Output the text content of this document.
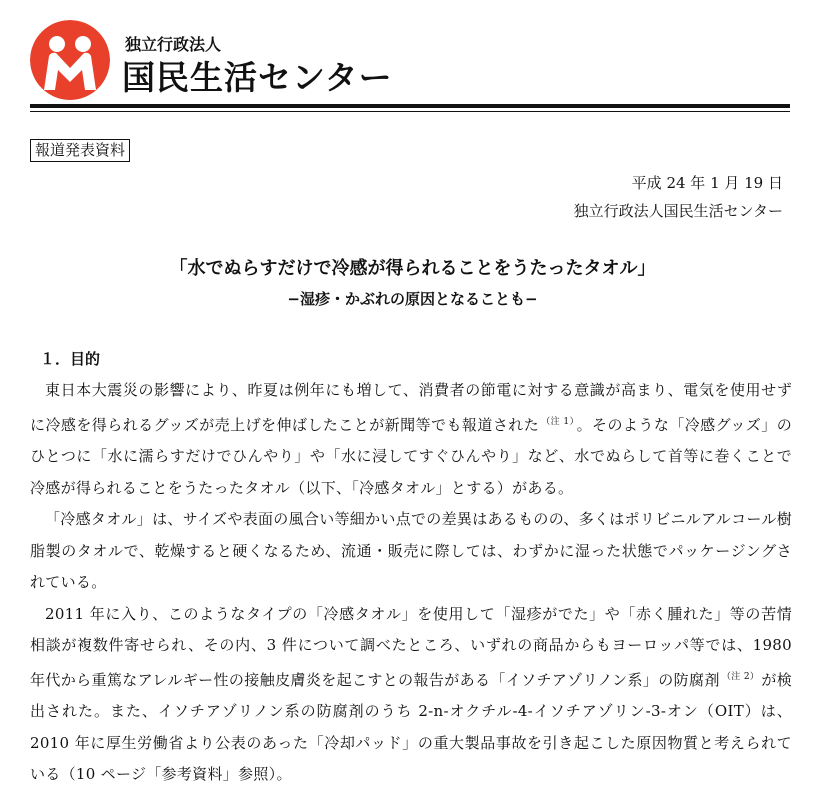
独立行政法人
国民生活センター
報道発表資料
平成 24 年 1 月 19 日
独立行政法人国民生活センター
「水でぬらすだけで冷感が得られることをうたったタオル」
−湿疹・かぶれの原因となることも−
１．目的

東日本大震災の影響により、昨夏は例年にも増して、消費者の節電に対する意識が高まり、電気を使用せずに冷感を得られるグッズが売上げを伸ばしたことが新聞等でも報道された $^{(注 1)}$ 。そのような「冷感グッズ」のひとつに「水に濡らすだけでひんやり」や「水に浸してすぐひんやり」など、水でぬらして首等に巻くことで冷感が得られることをうたったタオル（以下、「冷感タオル」とする）がある。

「冷感タオル」は、サイズや表面の風合い等細かい点での差異はあるものの、多くはポリビニルアルコール樹脂製のタオルで、乾燥すると硬くなるため、流通・販売に際しては、わずかに湿った状態でパッケージングされている。

2011 年に入り、このようなタイプの「冷感タオル」を使用して「湿疹がでた」や「赤く腫れた」等の苦情相談が複数件寄せられ、その内、3 件について調べたところ、いずれの商品からもヨーロッパ等では、1980 年代から重篤なアレルギー性の接触皮膚炎を起こすとの報告がある「イソチアゾリノン系」の防腐剤 $^{(注 2)}$ が検出された。また、イソチアゾリノン系の防腐剤のうち 2-n-オクチル-4-イソチアゾリン-3-オン（OIT）は、2010 年に厚生労働省より公表のあった「冷却パッド」の重大製品事故を引き起こした原因物質と考えられている（10 ページ「参考資料」参照）。
